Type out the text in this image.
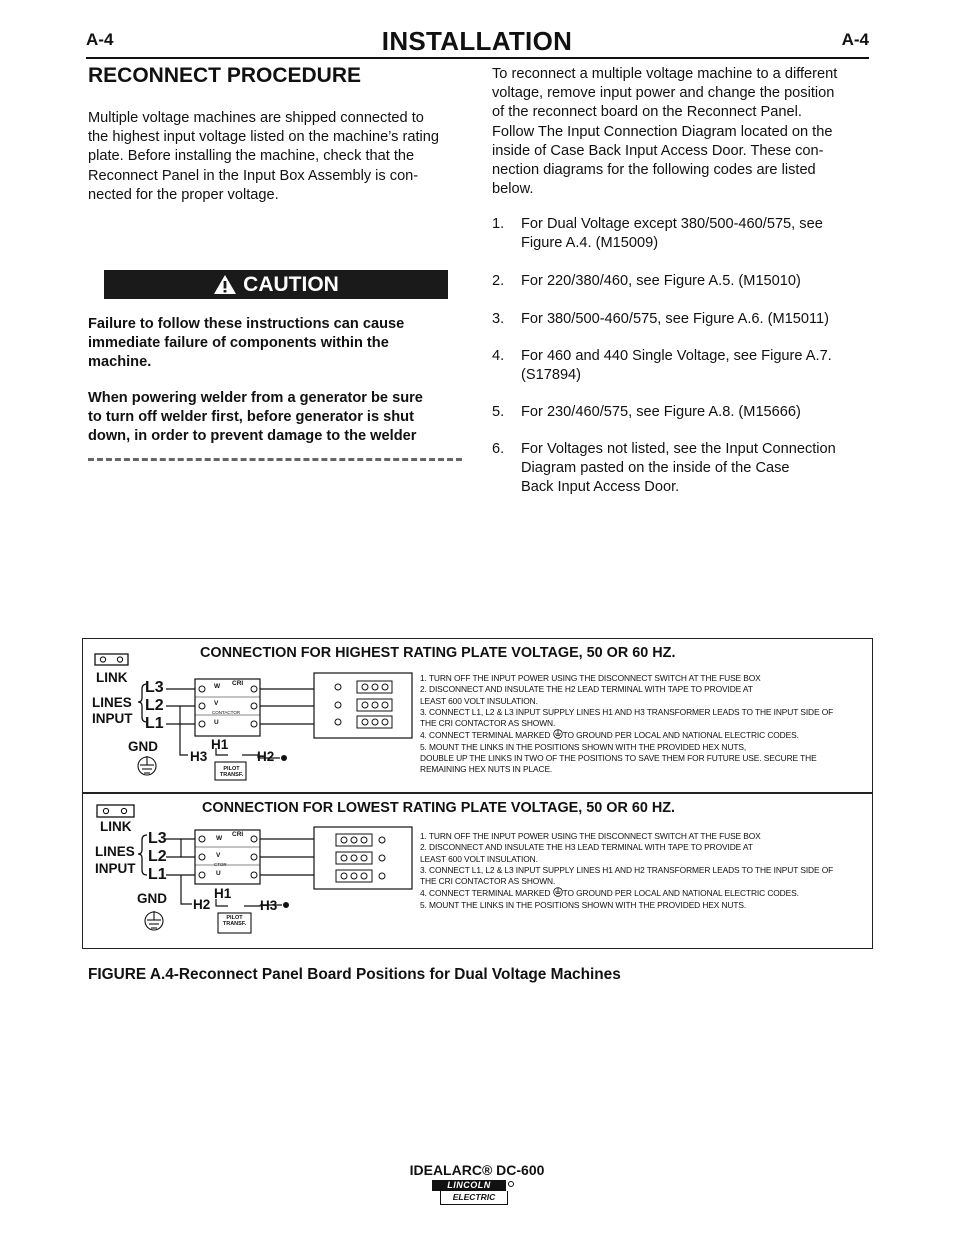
A-4	INSTALLATION	A-4
RECONNECT PROCEDURE
Multiple voltage machines are shipped connected to
the highest input voltage listed on the machine’s rating
plate. Before installing the machine, check that the
Reconnect Panel in the Input Box Assembly is con-
nected for the proper voltage.
CAUTION
Failure to follow these instructions can cause
immediate failure of components within the
machine.
When powering welder from a generator be sure
to turn off welder first, before generator is shut
down, in order to prevent damage to the welder
To reconnect a multiple voltage machine to a different
voltage, remove input power and change the position
of the reconnect board on the Reconnect Panel.
Follow The Input Connection Diagram located on the
inside of Case Back Input Access Door. These con-
nection diagrams for the following codes are listed
below.
1. For Dual Voltage except 380/500-460/575, see
Figure A.4. (M15009)
2. For 220/380/460, see Figure A.5. (M15010)
3. For 380/500-460/575, see Figure A.6. (M15011)
4. For 460 and 440 Single Voltage, see Figure A.7.
(S17894)
5. For 230/460/575, see Figure A.8. (M15666)
6. For Voltages not listed, see the Input Connection
Diagram pasted on the inside of the Case
Back Input Access Door.
CONNECTION FOR HIGHEST RATING PLATE VOLTAGE, 50 OR 60 HZ.
LINK
LINES
INPUT
L3
L2
L1
GND
W CRI
V
CONTACTOR
U
H3
H1
H2
PILOT
TRANSF.
1. TURN OFF THE INPUT POWER USING THE DISCONNECT SWITCH AT THE FUSE BOX
2. DISCONNECT AND INSULATE THE H2 LEAD TERMINAL WITH TAPE TO PROVIDE AT
LEAST 600 VOLT INSULATION.
3. CONNECT L1, L2 & L3 INPUT SUPPLY LINES H1 AND H3 TRANSFORMER LEADS TO THE INPUT SIDE OF
THE CRI CONTACTOR AS SHOWN.
4. CONNECT TERMINAL MARKED TO GROUND PER LOCAL AND NATIONAL ELECTRIC CODES.
5. MOUNT THE LINKS IN THE POSITIONS SHOWN WITH THE PROVIDED HEX NUTS,
DOUBLE UP THE LINKS IN TWO OF THE POSITIONS TO SAVE THEM FOR FUTURE USE. SECURE THE
REMAINING HEX NUTS IN PLACE.
CONNECTION FOR LOWEST RATING PLATE VOLTAGE, 50 OR 60 HZ.
LINK
LINES
INPUT
L3
L2
L1
GND
W
CRI
V
CTOR
U
H2
H1
H3
PILOT
TRANSF.
1. TURN OFF THE INPUT POWER USING THE DISCONNECT SWITCH AT THE FUSE BOX
2. DISCONNECT AND INSULATE THE H3 LEAD TERMINAL WITH TAPE TO PROVIDE AT
LEAST 600 VOLT INSULATION.
3. CONNECT L1, L2 & L3 INPUT SUPPLY LINES H1 AND H2 TRANSFORMER LEADS TO THE INPUT SIDE OF
THE CRI CONTACTOR AS SHOWN.
4. CONNECT TERMINAL MARKED TO GROUND PER LOCAL AND NATIONAL ELECTRIC CODES.
5. MOUNT THE LINKS IN THE POSITIONS SHOWN WITH THE PROVIDED HEX NUTS.
FIGURE A.4-Reconnect Panel Board Positions for Dual Voltage Machines
IDEALARC® DC-600
LINCOLN
ELECTRIC
